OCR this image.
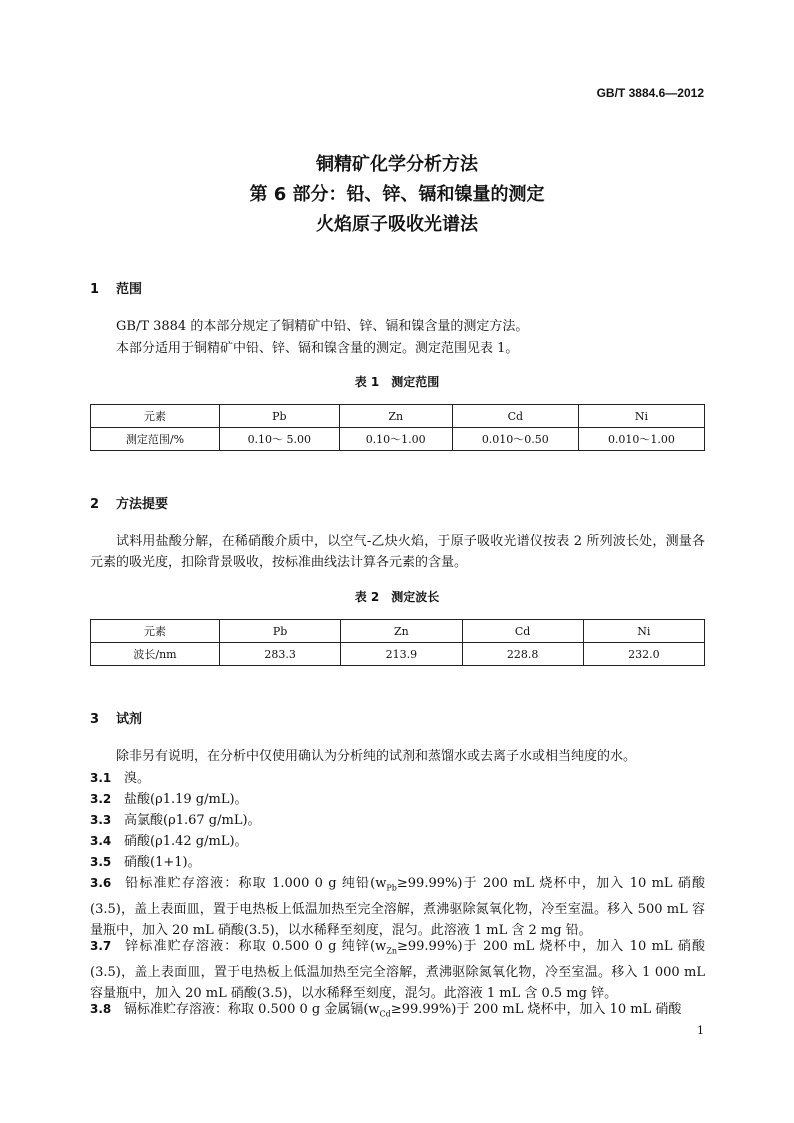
GB/T 3884.6—2012
铜精矿化学分析方法
第 6 部分：铅、锌、镉和镍量的测定
火焰原子吸收光谱法
1 范围
GB/T 3884 的本部分规定了铜精矿中铅、锌、镉和镍含量的测定方法。
本部分适用于铜精矿中铅、锌、镉和镍含量的测定。测定范围见表 1。
表 1　测定范围
元素	Pb	Zn	Cd	Ni
测定范围/%	0.10～ 5.00	0.10～1.00	0.010～0.50	0.010～1.00
2 方法提要
试料用盐酸分解，在稀硝酸介质中，以空气-乙炔火焰，于原子吸收光谱仪按表 2 所列波长处，测量各元素的吸光度，扣除背景吸收，按标准曲线法计算各元素的含量。
表 2　测定波长
元素	Pb	Zn	Cd	Ni
波长/nm	283.3	213.9	228.8	232.0
3 试剂
除非另有说明，在分析中仅使用确认为分析纯的试剂和蒸馏水或去离子水或相当纯度的水。
3.1 溴。
3.2 盐酸(ρ1.19 g/mL)。
3.3 高氯酸(ρ1.67 g/mL)。
3.4 硝酸(ρ1.42 g/mL)。
3.5 硝酸(1+1)。
3.6 铅标准贮存溶液：称取 1.000 0 g 纯铅$(w_{Pb}\ge 99.99\%)$于 200 mL 烧杯中，加入 10 mL 硝酸(3.5)，盖上表面皿，置于电热板上低温加热至完全溶解，煮沸驱除氮氧化物，冷至室温。移入 500 mL 容量瓶中，加入 20 mL 硝酸(3.5)，以水稀释至刻度，混匀。此溶液 1 mL 含 2 mg 铅。
3.7 锌标准贮存溶液：称取 0.500 0 g 纯锌$(w_{Zn}\ge 99.99\%)$于 200 mL 烧杯中，加入 10 mL 硝酸(3.5)，盖上表面皿，置于电热板上低温加热至完全溶解，煮沸驱除氮氧化物，冷至室温。移入 1 000 mL 容量瓶中，加入 20 mL 硝酸(3.5)，以水稀释至刻度，混匀。此溶液 1 mL 含 0.5 mg 锌。
3.8 镉标准贮存溶液：称取 0.500 0 g 金属镉$(w_{Cd}\ge 99.99\%)$于 200 mL 烧杯中，加入 10 mL 硝酸
1
